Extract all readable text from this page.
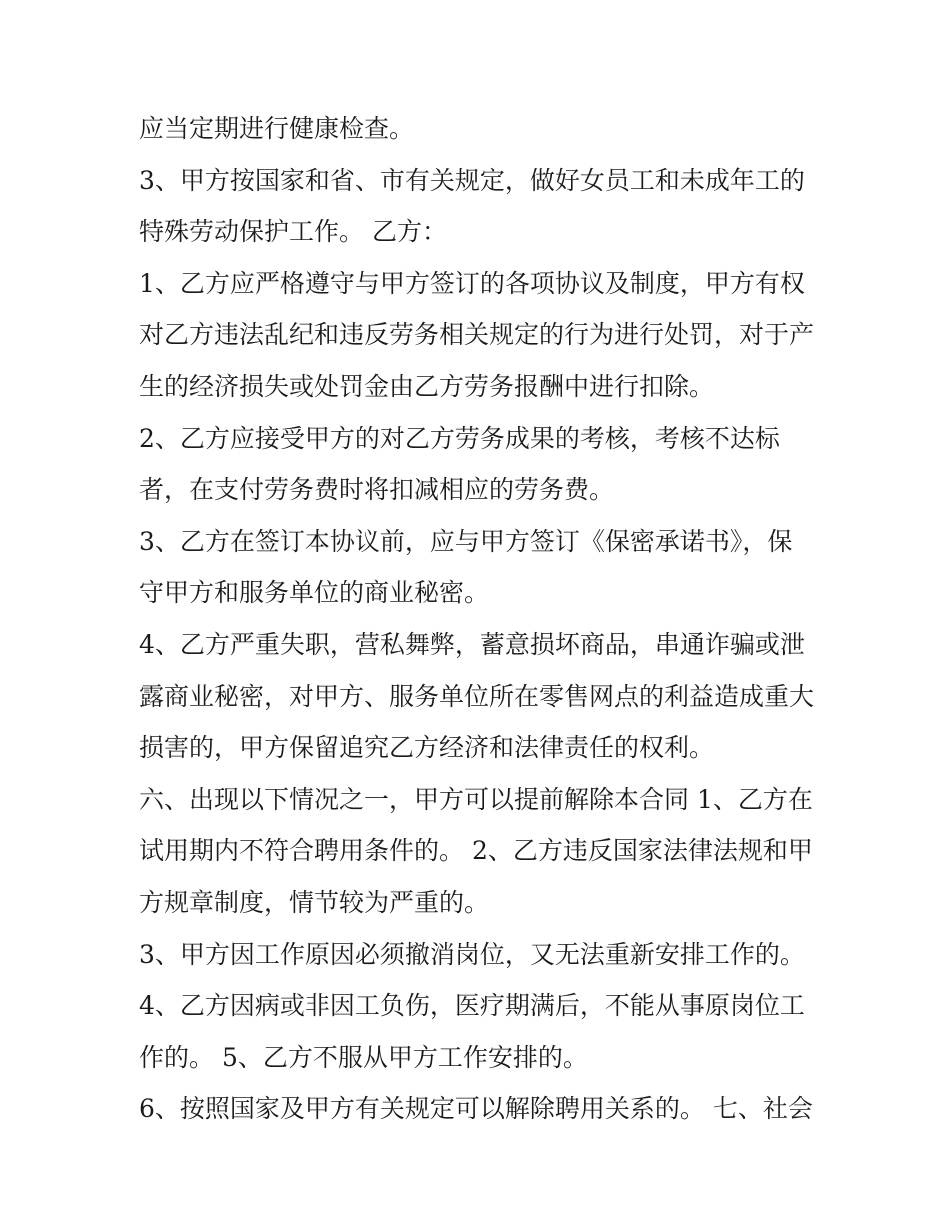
应当定期进行健康检查。
3、甲方按国家和省、市有关规定，做好女员工和未成年工的
特殊劳动保护工作。 乙方：
1、乙方应严格遵守与甲方签订的各项协议及制度，甲方有权
对乙方违法乱纪和违反劳务相关规定的行为进行处罚，对于产
生的经济损失或处罚金由乙方劳务报酬中进行扣除。
2、乙方应接受甲方的对乙方劳务成果的考核，考核不达标
者，在支付劳务费时将扣减相应的劳务费。
3、乙方在签订本协议前，应与甲方签订《保密承诺书》，保
守甲方和服务单位的商业秘密。
4、乙方严重失职，营私舞弊，蓄意损坏商品，串通诈骗或泄
露商业秘密，对甲方、服务单位所在零售网点的利益造成重大
损害的，甲方保留追究乙方经济和法律责任的权利。
六、出现以下情况之一，甲方可以提前解除本合同 1、乙方在
试用期内不符合聘用条件的。 2、乙方违反国家法律法规和甲
方规章制度，情节较为严重的。
3、甲方因工作原因必须撤消岗位，又无法重新安排工作的。
4、乙方因病或非因工负伤，医疗期满后，不能从事原岗位工
作的。 5、乙方不服从甲方工作安排的。
6、按照国家及甲方有关规定可以解除聘用关系的。 七、社会
